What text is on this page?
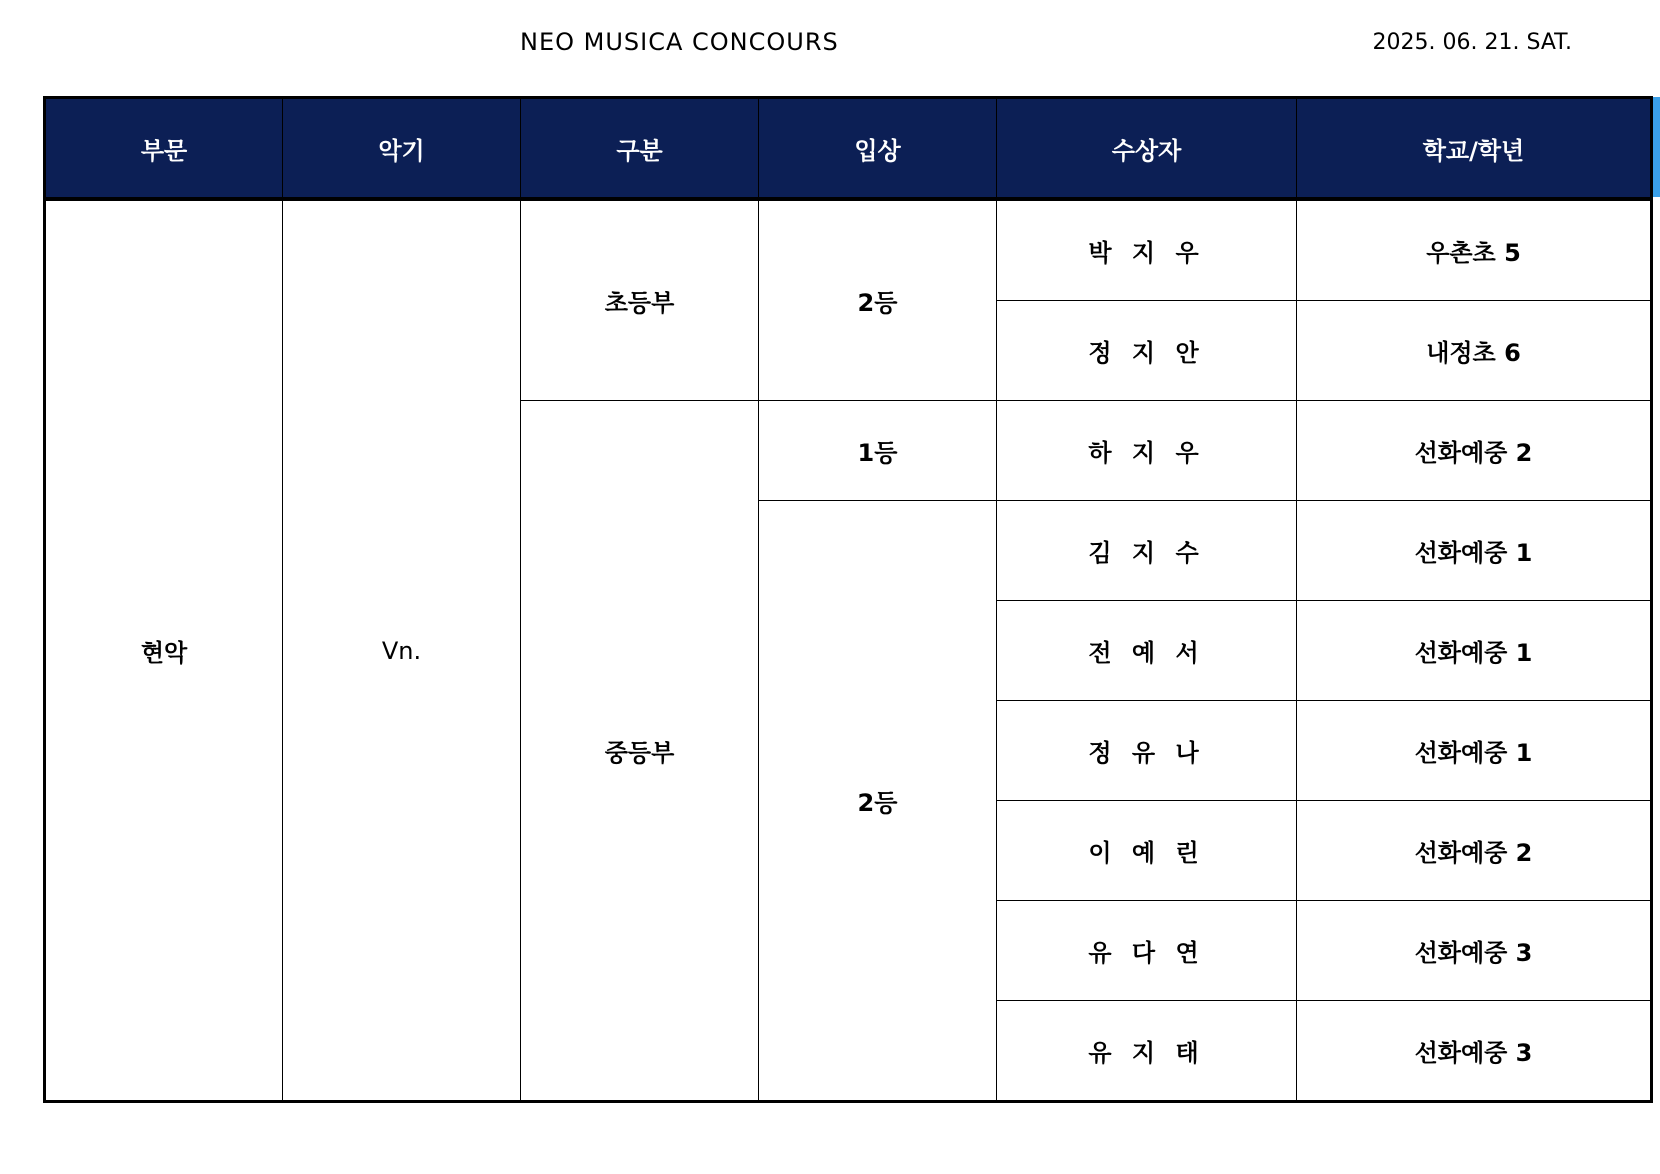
NEO MUSICA CONCOURS	2025. 06. 21. SAT.
부문	악기	구분	입상	수상자	학교/학년
현악	Vn.	초등부	2등	박 지 우	우촌초 5
				정 지 안	내정초 6
		중등부	1등	하 지 우	선화예중 2
			2등	김 지 수	선화예중 1
				전 예 서	선화예중 1
				정 유 나	선화예중 1
				이 예 린	선화예중 2
				유 다 연	선화예중 3
				유 지 태	선화예중 3
